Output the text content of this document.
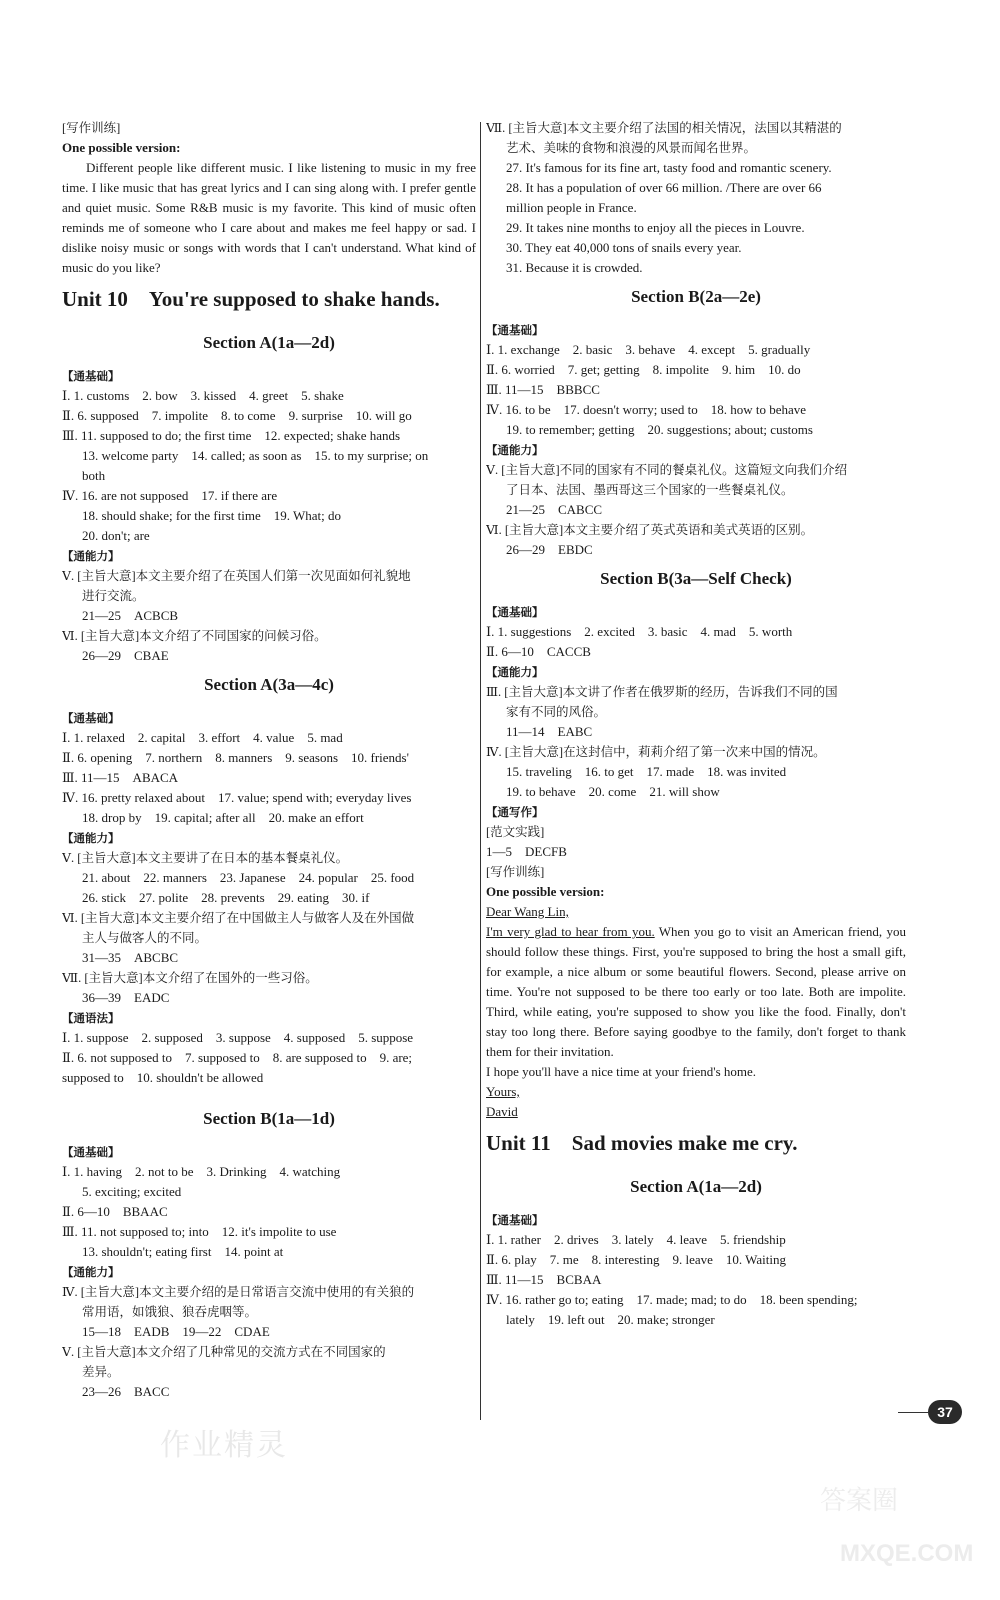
[写作训练]
One possible version:
Different people like different music. I like listening to music in my free time. I like music that has great lyrics and I can sing along with. I prefer gentle and quiet music. Some R&B music is my favorite. This kind of music often reminds me of someone who I care about and makes me feel happy or sad. I dislike noisy music or songs with words that I can't understand. What kind of music do you like?
Unit 10　You're supposed to shake hands.
Section A(1a—2d)
【通基础】
Ⅰ. 1. customs　2. bow　3. kissed　4. greet　5. shake
Ⅱ. 6. supposed　7. impolite　8. to come　9. surprise　10. will go
Ⅲ. 11. supposed to do; the first time　12. expected; shake hands
13. welcome party　14. called; as soon as　15. to my surprise; on
both
Ⅳ. 16. are not supposed　17. if there are
18. should shake; for the first time　19. What; do
20. don't; are
【通能力】
Ⅴ. [主旨大意]本文主要介绍了在英国人们第一次见面如何礼貌地
进行交流。
21—25　ACBCB
Ⅵ. [主旨大意]本文介绍了不同国家的问候习俗。
26—29　CBAE
Section A(3a—4c)
【通基础】
Ⅰ. 1. relaxed　2. capital　3. effort　4. value　5. mad
Ⅱ. 6. opening　7. northern　8. manners　9. seasons　10. friends'
Ⅲ. 11—15　ABACA
Ⅳ. 16. pretty relaxed about　17. value; spend with; everyday lives
18. drop by　19. capital; after all　20. make an effort
【通能力】
Ⅴ. [主旨大意]本文主要讲了在日本的基本餐桌礼仪。
21. about　22. manners　23. Japanese　24. popular　25. food
26. stick　27. polite　28. prevents　29. eating　30. if
Ⅵ. [主旨大意]本文主要介绍了在中国做主人与做客人及在外国做
主人与做客人的不同。
31—35　ABCBC
Ⅶ. [主旨大意]本文介绍了在国外的一些习俗。
36—39　EADC
【通语法】
Ⅰ. 1. suppose　2. supposed　3. suppose　4. supposed　5. suppose
Ⅱ. 6. not supposed to　7. supposed to　8. are supposed to　9. are;
supposed to　10. shouldn't be allowed
Section B(1a—1d)
【通基础】
Ⅰ. 1. having　2. not to be　3. Drinking　4. watching
5. exciting; excited
Ⅱ. 6—10　BBAAC
Ⅲ. 11. not supposed to; into　12. it's impolite to use
13. shouldn't; eating first　14. point at
【通能力】
Ⅳ. [主旨大意]本文主要介绍的是日常语言交流中使用的有关狼的
常用语，如饿狼、狼吞虎咽等。
15—18　EADB　19—22　CDAE
Ⅴ. [主旨大意]本文介绍了几种常见的交流方式在不同国家的
差异。
23—26　BACC
Ⅶ. [主旨大意]本文主要介绍了法国的相关情况，法国以其精湛的
艺术、美味的食物和浪漫的风景而闻名世界。
27. It's famous for its fine art, tasty food and romantic scenery.
28. It has a population of over 66 million. /There are over 66
million people in France.
29. It takes nine months to enjoy all the pieces in Louvre.
30. They eat 40,000 tons of snails every year.
31. Because it is crowded.
Section B(2a—2e)
【通基础】
Ⅰ. 1. exchange　2. basic　3. behave　4. except　5. gradually
Ⅱ. 6. worried　7. get; getting　8. impolite　9. him　10. do
Ⅲ. 11—15　BBBCC
Ⅳ. 16. to be　17. doesn't worry; used to　18. how to behave
19. to remember; getting　20. suggestions; about; customs
【通能力】
Ⅴ. [主旨大意]不同的国家有不同的餐桌礼仪。这篇短文向我们介绍
了日本、法国、墨西哥这三个国家的一些餐桌礼仪。
21—25　CABCC
Ⅵ. [主旨大意]本文主要介绍了英式英语和美式英语的区别。
26—29　EBDC
Section B(3a—Self Check)
【通基础】
Ⅰ. 1. suggestions　2. excited　3. basic　4. mad　5. worth
Ⅱ. 6—10　CACCB
【通能力】
Ⅲ. [主旨大意]本文讲了作者在俄罗斯的经历，告诉我们不同的国
家有不同的风俗。
11—14　EABC
Ⅳ. [主旨大意]在这封信中，莉莉介绍了第一次来中国的情况。
15. traveling　16. to get　17. made　18. was invited
19. to behave　20. come　21. will show
【通写作】
[范文实践]
1—5　DECFB
[写作训练]
One possible version:
Dear Wang Lin,
I'm very glad to hear from you. When you go to visit an American friend, you should follow these things. First, you're supposed to bring the host a small gift, for example, a nice album or some beautiful flowers. Second, please arrive on time. You're not supposed to be there too early or too late. Both are impolite. Third, while eating, you're supposed to show you like the food. Finally, don't stay too long there. Before saying goodbye to the family, don't forget to thank them for their invitation.
I hope you'll have a nice time at your friend's home.
Yours,
David
Unit 11　Sad movies make me cry.
Section A(1a—2d)
【通基础】
Ⅰ. 1. rather　2. drives　3. lately　4. leave　5. friendship
Ⅱ. 6. play　7. me　8. interesting　9. leave　10. Waiting
Ⅲ. 11—15　BCBAA
Ⅳ. 16. rather go to; eating　17. made; mad; to do　18. been spending;
lately　19. left out　20. make; stronger
37
作业精灵
答案圈
MXQE.COM
